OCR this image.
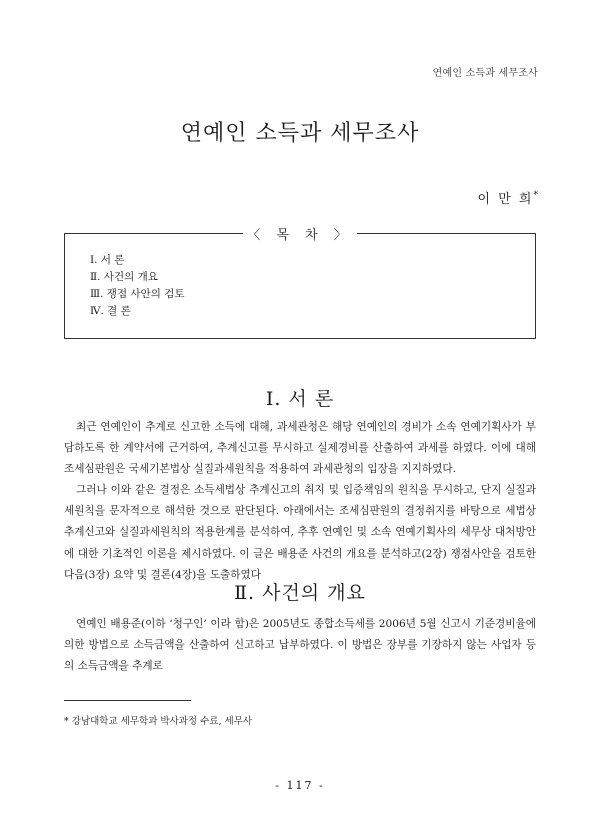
연예인 소득과 세무조사
연예인 소득과 세무조사
이 만 희*
〈 목 차 〉
Ⅰ. 서 론
Ⅱ. 사건의 개요
Ⅲ. 쟁점 사안의 검토
Ⅳ. 결 론
Ⅰ. 서 론

최근 연예인이 추계로 신고한 소득에 대해, 과세관청은 해당 연예인의 경비가 소속 연예기획사가 부담하도록 한 계약서에 근거하여, 추계신고를 무시하고 실제경비를 산출하여 과세를 하였다. 이에 대해 조세심판원은 국세기본법상 실질과세원칙을 적용하여 과세관청의 입장을 지지하였다.

그러나 이와 같은 결정은 소득세법상 추계신고의 취지 및 입증책임의 원칙을 무시하고, 단지 실질과세원칙을 문자적으로 해석한 것으로 판단된다. 아래에서는 조세심판원의 결정취지를 바탕으로 세법상 추계신고와 실질과세원칙의 적용한계를 분석하여, 추후 연예인 및 소속 연예기획사의 세무상 대처방안에 대한 기초적인 이론을 제시하였다. 이 글은 배용준 사건의 개요를 분석하고(2장) 쟁점사안을 검토한 다음(3장) 요약 및 결론(4장)을 도출하였다

Ⅱ. 사건의 개요

연예인 배용준(이하 ‘청구인’ 이라 함)은 2005년도 종합소득세를 2006년 5월 신고시 기준경비율에 의한 방법으로 소득금액을 산출하여 신고하고 납부하였다. 이 방법은 장부를 기장하지 않는 사업자 등의 소득금액을 추계로

* 강남대학교 세무학과 박사과정 수료, 세무사
- 117 -
